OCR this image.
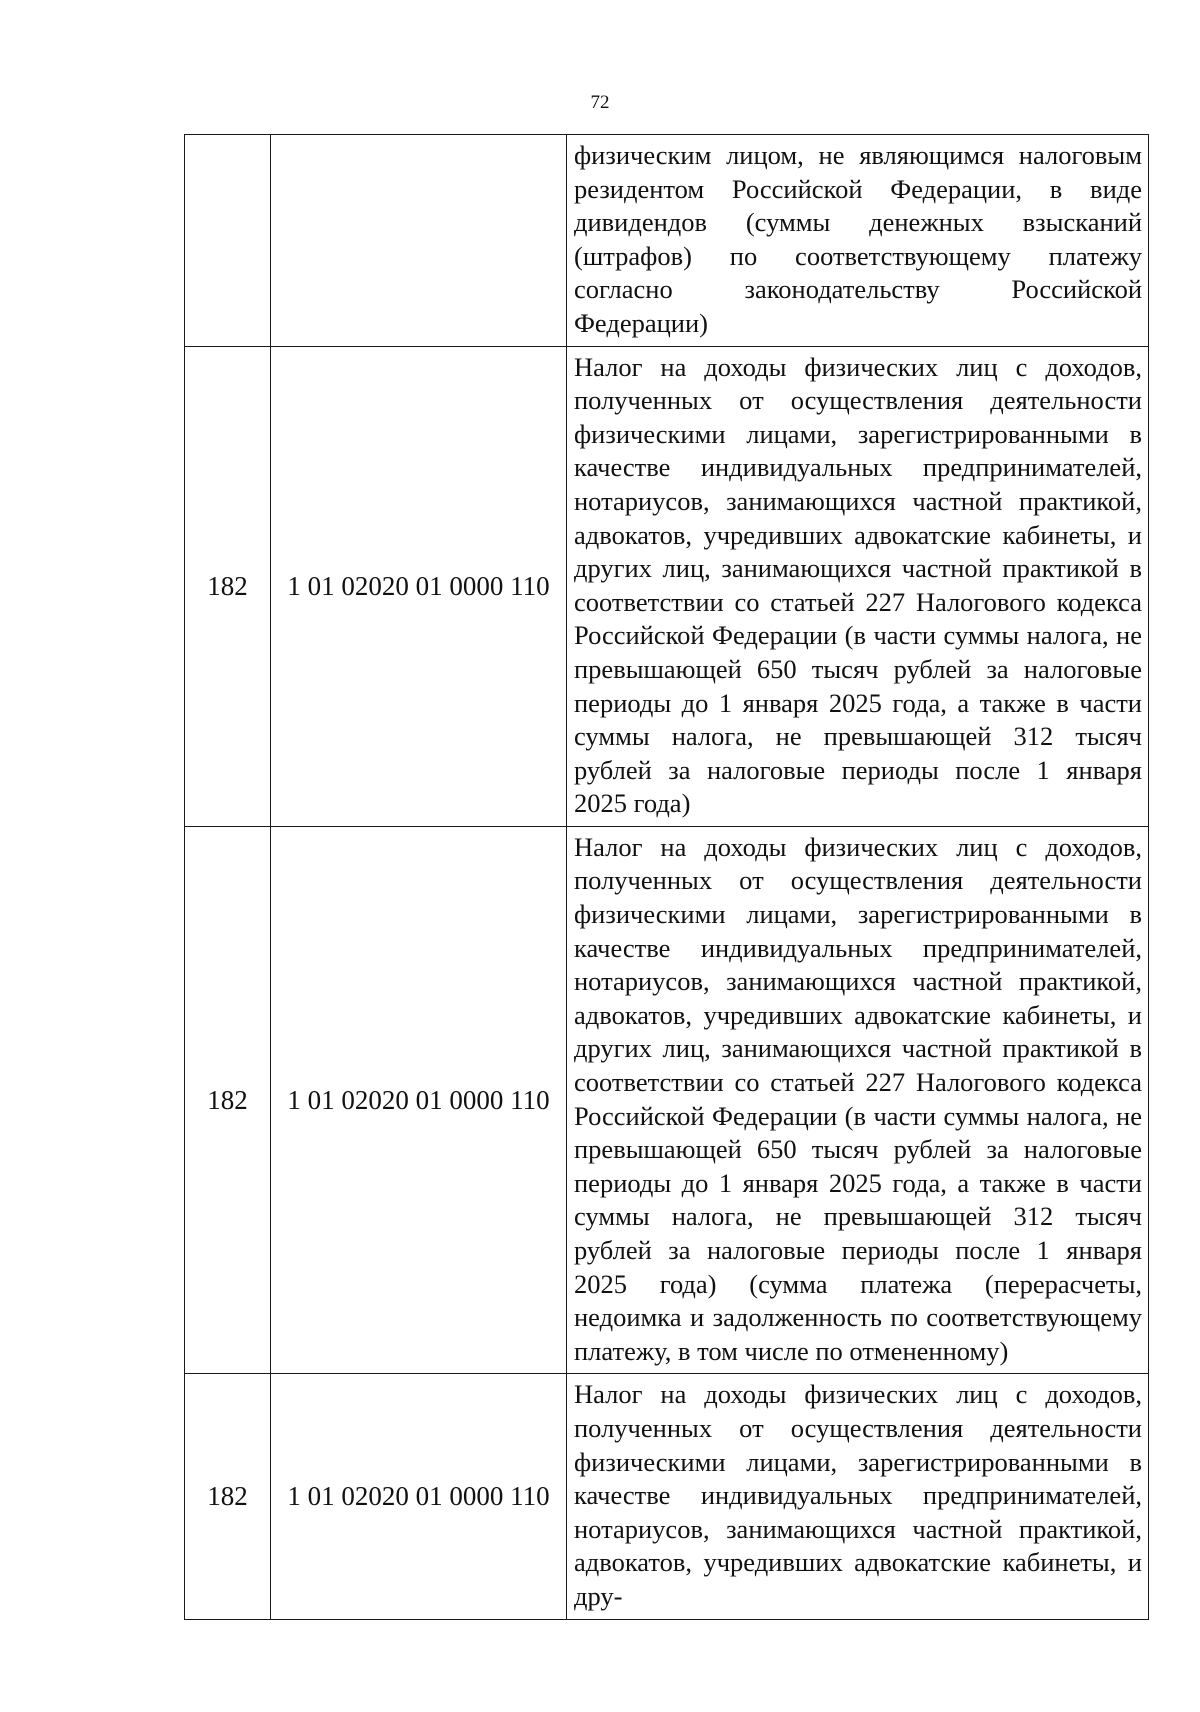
72

		физическим лицом, не являющимся налоговым резидентом Российской Федерации, в виде дивидендов (суммы денежных взысканий (штрафов) по соответствующему платежу согласно законодательству Российской Федерации)

182	1 01 02020 01 0000 110	Налог на доходы физических лиц с доходов, полученных от осуществления деятельности физическими лицами, зарегистрированными в качестве индивидуальных предпринимателей, нотариусов, занимающихся частной практикой, адвокатов, учредивших адвокатские кабинеты, и других лиц, занимающихся частной практикой в соответствии со статьей 227 Налогового кодекса Российской Федерации (в части суммы налога, не превышающей 650 тысяч рублей за налоговые периоды до 1 января 2025 года, а также в части суммы налога, не превышающей 312 тысяч рублей за налоговые периоды после 1 января 2025 года)

182	1 01 02020 01 0000 110	Налог на доходы физических лиц с доходов, полученных от осуществления деятельности физическими лицами, зарегистрированными в качестве индивидуальных предпринимателей, нотариусов, занимающихся частной практикой, адвокатов, учредивших адвокатские кабинеты, и других лиц, занимающихся частной практикой в соответствии со статьей 227 Налогового кодекса Российской Федерации (в части суммы налога, не превышающей 650 тысяч рублей за налоговые периоды до 1 января 2025 года, а также в части суммы налога, не превышающей 312 тысяч рублей за налоговые периоды после 1 января 2025 года) (сумма платежа (перерасчеты, недоимка и задолженность по соответствующему платежу, в том числе по отмененному)

182	1 01 02020 01 0000 110	Налог на доходы физических лиц с доходов, полученных от осуществления деятельности физическими лицами, зарегистрированными в качестве индивидуальных предпринимателей, нотариусов, занимающихся частной практикой, адвокатов, учредивших адвокатские кабинеты, и дру-
